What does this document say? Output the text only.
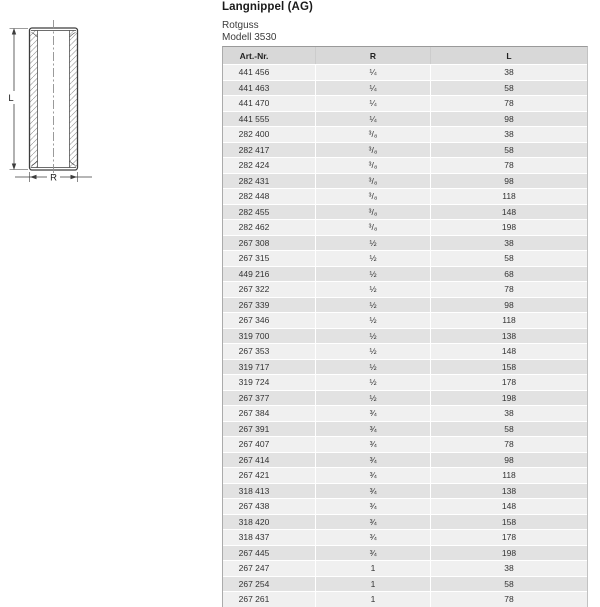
L
R
Langnippel (AG)
Rotguss
Modell 3530
Art.-Nr.	R	L
441 456	¼	38
441 463	¼	58
441 470	¼	78
441 555	¼	98
282 400	³/₈	38
282 417	³/₈	58
282 424	³/₈	78
282 431	³/₈	98
282 448	³/₈	118
282 455	³/₈	148
282 462	³/₈	198
267 308	½	38
267 315	½	58
449 216	½	68
267 322	½	78
267 339	½	98
267 346	½	118
319 700	½	138
267 353	½	148
319 717	½	158
319 724	½	178
267 377	½	198
267 384	¾	38
267 391	¾	58
267 407	¾	78
267 414	¾	98
267 421	¾	118
318 413	¾	138
267 438	¾	148
318 420	¾	158
318 437	¾	178
267 445	¾	198
267 247	1	38
267 254	1	58
267 261	1	78
